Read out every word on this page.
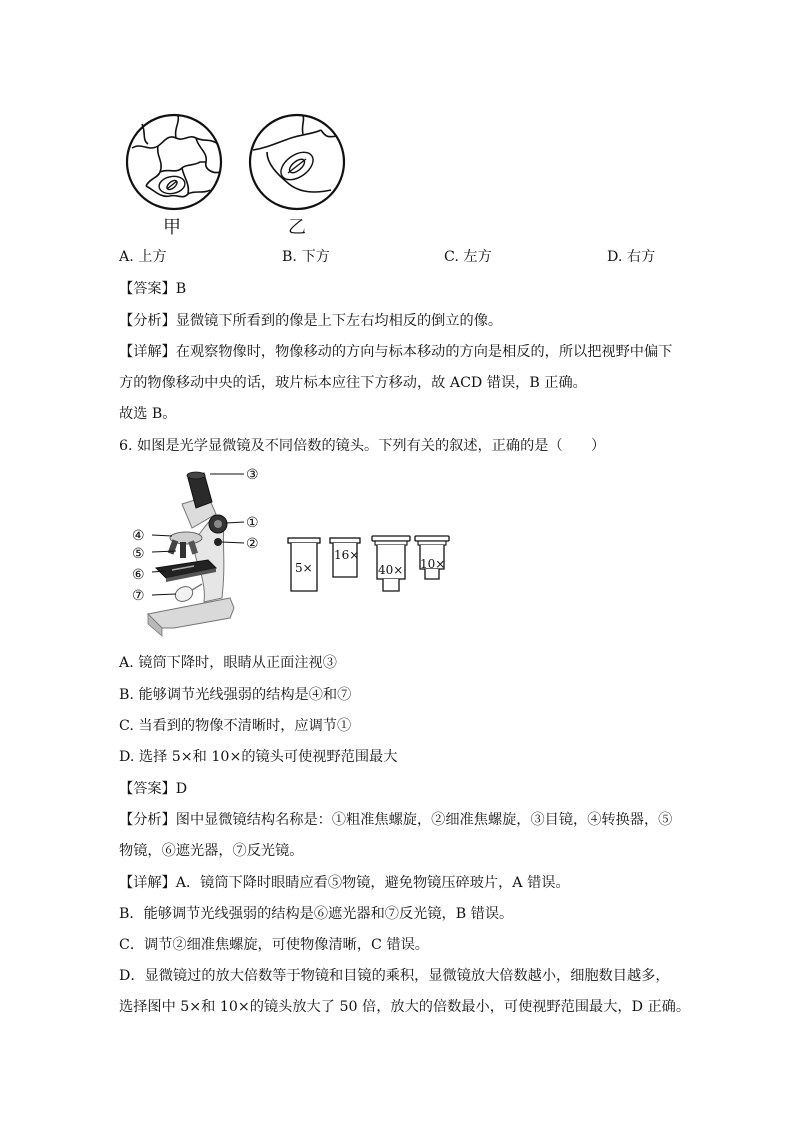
甲	乙
A. 上方	B. 下方	C. 左方	D. 右方
【答案】B
【分析】显微镜下所看到的像是上下左右均相反的倒立的像。
【详解】在观察物像时，物像移动的方向与标本移动的方向是相反的，所以把视野中偏下
方的物像移动中央的话，玻片标本应往下方移动，故 ACD 错误，B 正确。
故选 B。
6. 如图是光学显微镜及不同倍数的镜头。下列有关的叙述，正确的是（　　）
③
①
②
④
⑤
⑥
⑦
5×
16×
40× 10×
A. 镜筒下降时，眼睛从正面注视③
B. 能够调节光线强弱的结构是④和⑦
C. 当看到的物像不清晰时，应调节①
D. 选择 5×和 10×的镜头可使视野范围最大
【答案】D
【分析】图中显微镜结构名称是：①粗准焦螺旋，②细准焦螺旋，③目镜，④转换器，⑤
物镜，⑥遮光器，⑦反光镜。
【详解】A．镜筒下降时眼睛应看⑤物镜，避免物镜压碎玻片，A 错误。
B．能够调节光线强弱的结构是⑥遮光器和⑦反光镜，B 错误。
C．调节②细准焦螺旋，可使物像清晰，C 错误。
D．显微镜过的放大倍数等于物镜和目镜的乘积，显微镜放大倍数越小，细胞数目越多，
选择图中 5×和 10×的镜头放大了 50 倍，放大的倍数最小，可使视野范围最大，D 正确。
